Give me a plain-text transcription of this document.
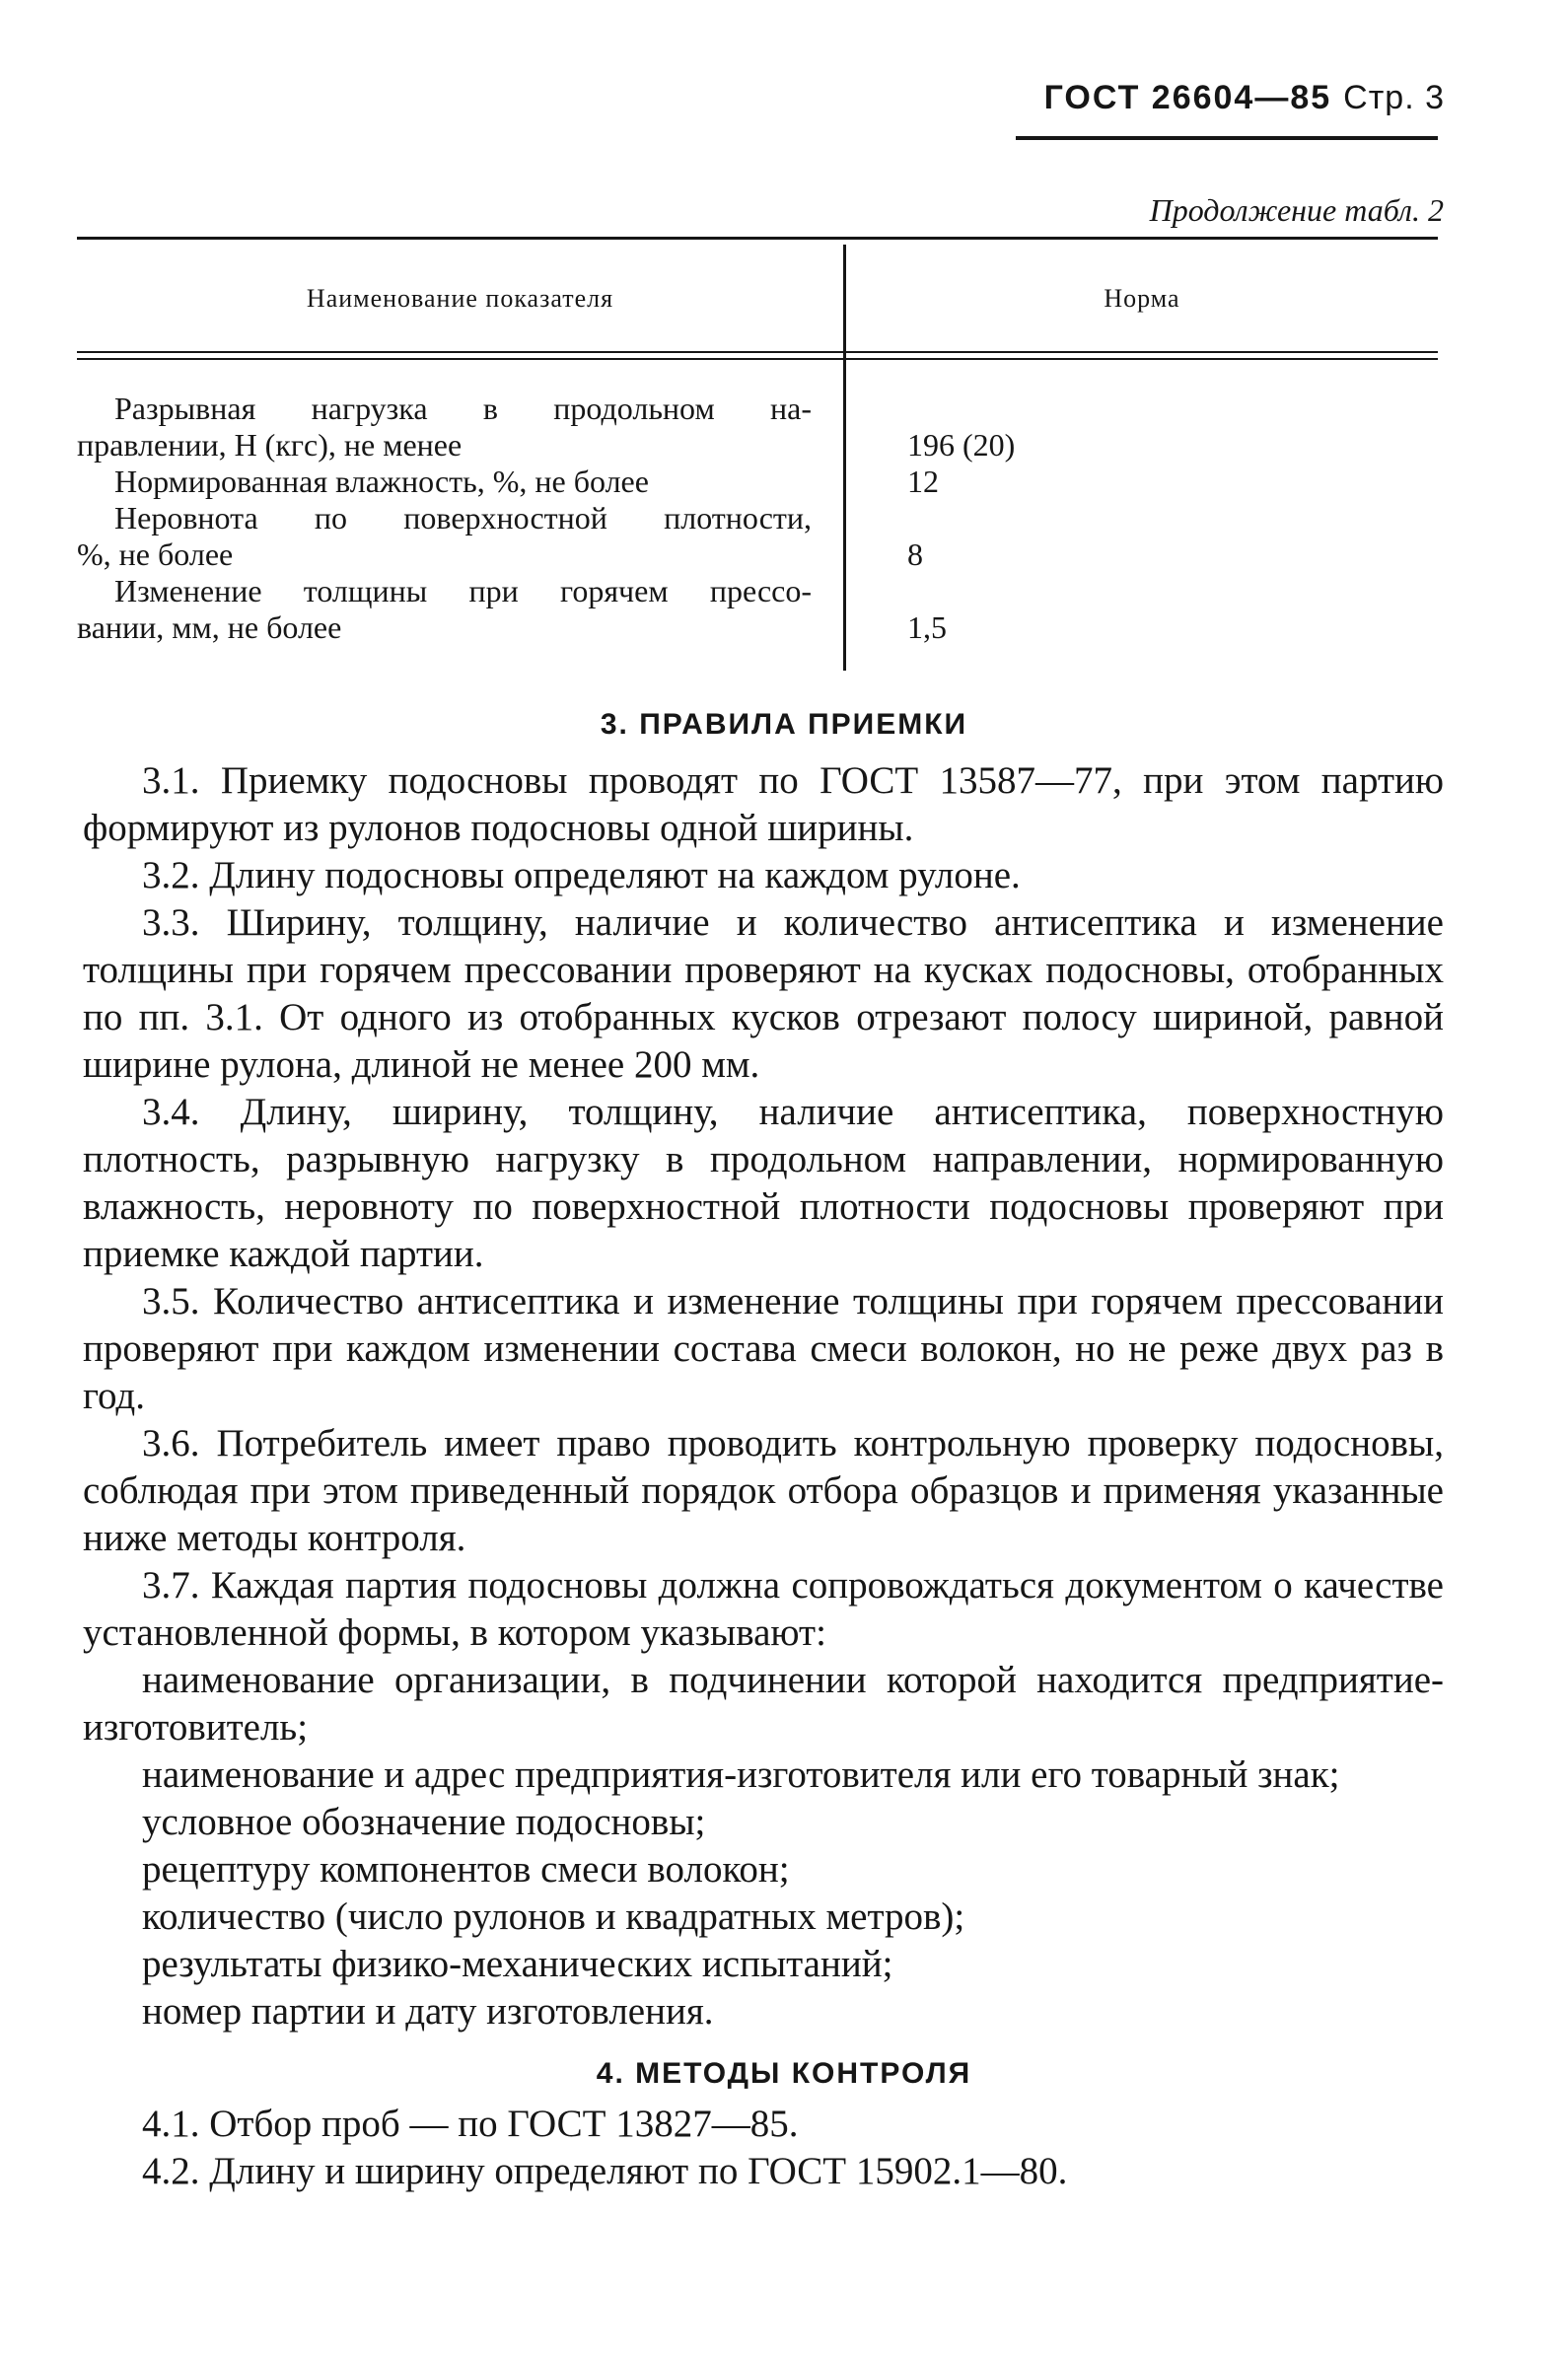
ГОСТ 26604—85 Стр. 3
Продолжение табл. 2
Наименование показателя	Норма
Разрывная нагрузка в продольном на-
правлении, Н (кгс), не менее	196 (20)
Нормированная влажность, %, не более	12
Неровнота по поверхностной плотности,
%, не более	8
Изменение толщины при горячем прессо-
вании, мм, не более	1,5
3. ПРАВИЛА ПРИЕМКИ

3.1. Приемку подосновы проводят по ГОСТ 13587—77, при этом партию формируют из рулонов подосновы одной ширины.

3.2. Длину подосновы определяют на каждом рулоне.

3.3. Ширину, толщину, наличие и количество антисептика и изменение толщины при горячем прессовании проверяют на кусках подосновы, отобранных по пп. 3.1. От одного из отобранных кусков отрезают полосу шириной, равной ширине рулона, длиной не менее 200 мм.

3.4. Длину, ширину, толщину, наличие антисептика, поверхностную плотность, разрывную нагрузку в продольном направлении, нормированную влажность, неровноту по поверхностной плотности подосновы проверяют при приемке каждой партии.

3.5. Количество антисептика и изменение толщины при горячем прессовании проверяют при каждом изменении состава смеси волокон, но не реже двух раз в год.

3.6. Потребитель имеет право проводить контрольную проверку подосновы, соблюдая при этом приведенный порядок отбора образцов и применяя указанные ниже методы контроля.

3.7. Каждая партия подосновы должна сопровождаться документом о качестве установленной формы, в котором указывают:

наименование организации, в подчинении которой находится предприятие-изготовитель;

наименование и адрес предприятия-изготовителя или его товарный знак;

условное обозначение подосновы;

рецептуру компонентов смеси волокон;

количество (число рулонов и квадратных метров);

результаты физико-механических испытаний;

номер партии и дату изготовления.

4. МЕТОДЫ КОНТРОЛЯ

4.1. Отбор проб — по ГОСТ 13827—85.

4.2. Длину и ширину определяют по ГОСТ 15902.1—80.
